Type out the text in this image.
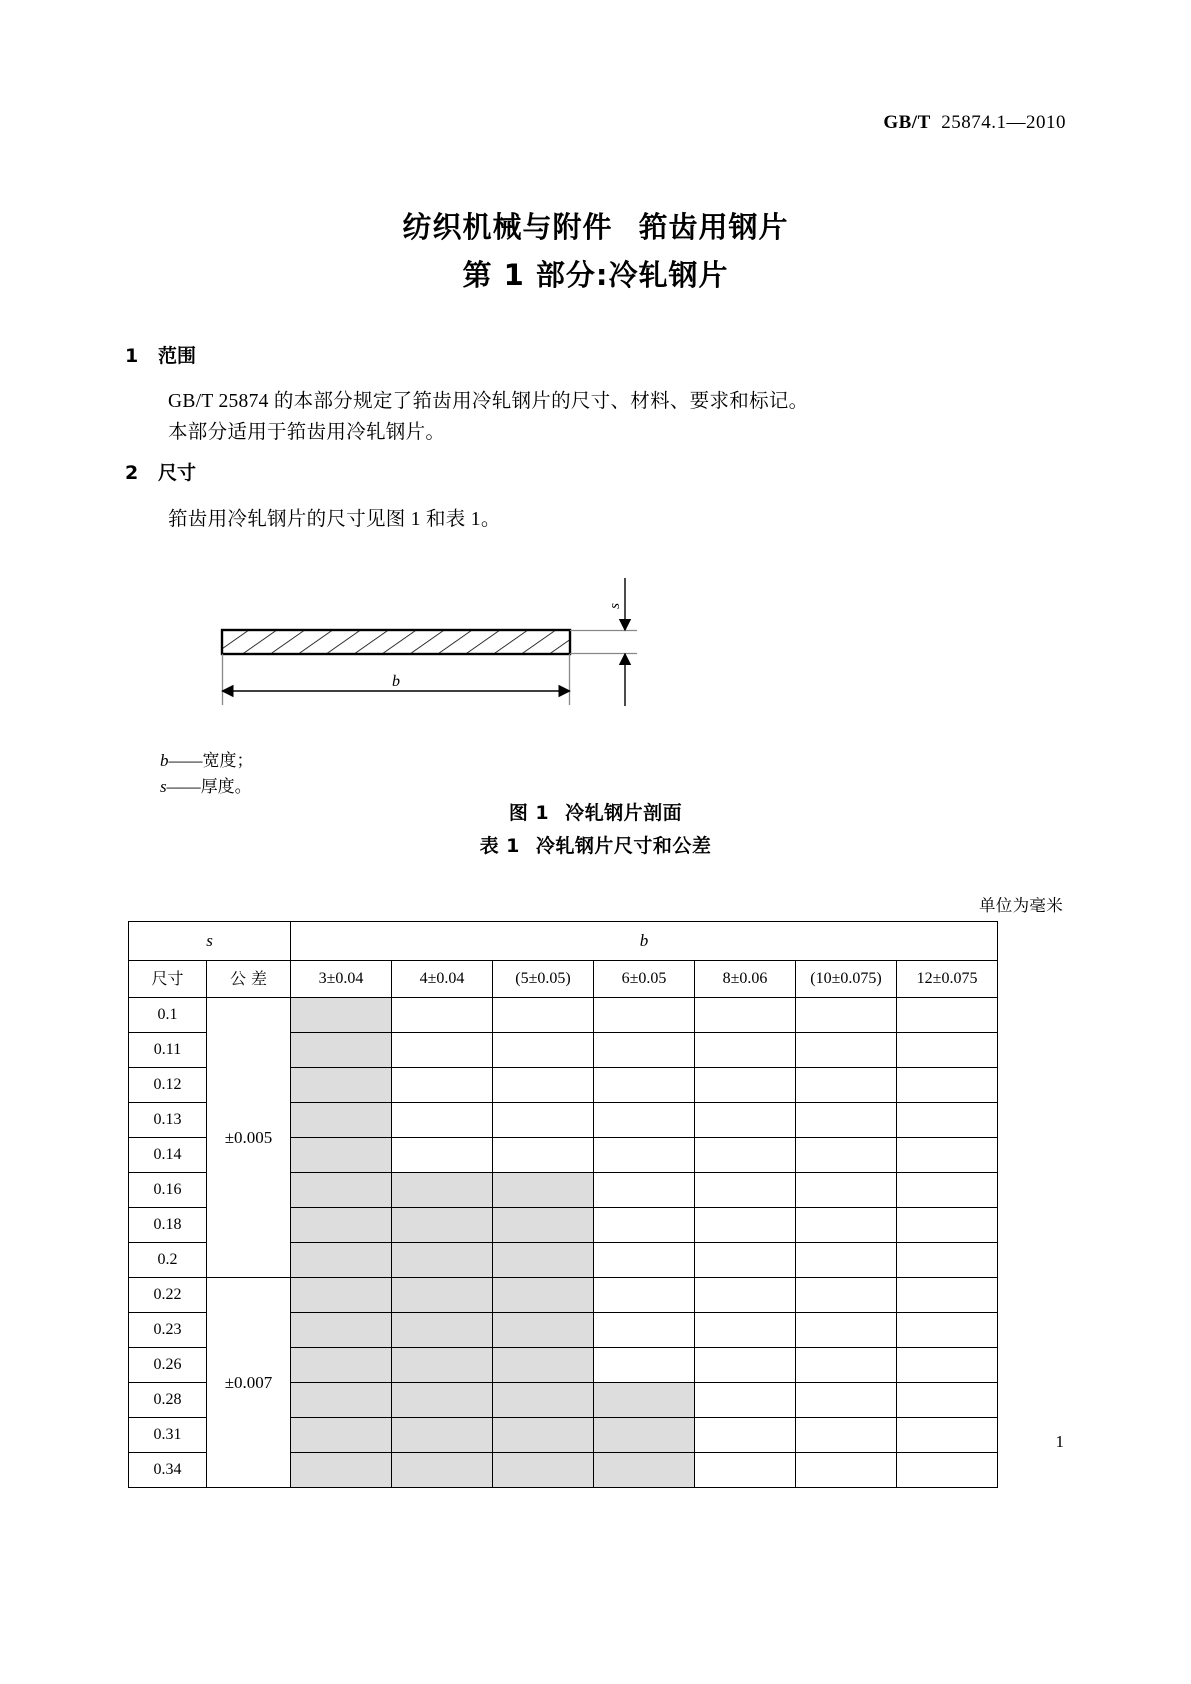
GB/T 25874.1—2010
纺织机械与附件 筘齿用钢片
第 1 部分:冷轧钢片
1 范围
GB/T 25874 的本部分规定了筘齿用冷轧钢片的尺寸、材料、要求和标记。
本部分适用于筘齿用冷轧钢片。
2 尺寸
筘齿用冷轧钢片的尺寸见图 1 和表 1。
s
b
b——宽度；
s——厚度。
图 1 冷轧钢片剖面
表 1 冷轧钢片尺寸和公差
单位为毫米
s		b						
尺寸	公 差	3±0.04	4±0.04	(5±0.05)	6±0.05	8±0.06	(10±0.075)	12±0.075
0.1	±0.005							
0.11								
0.12								
0.13								
0.14								
0.16								
0.18								
0.2								
0.22	±0.007							
0.23								
0.26								
0.28								
0.31								
0.34								
1
